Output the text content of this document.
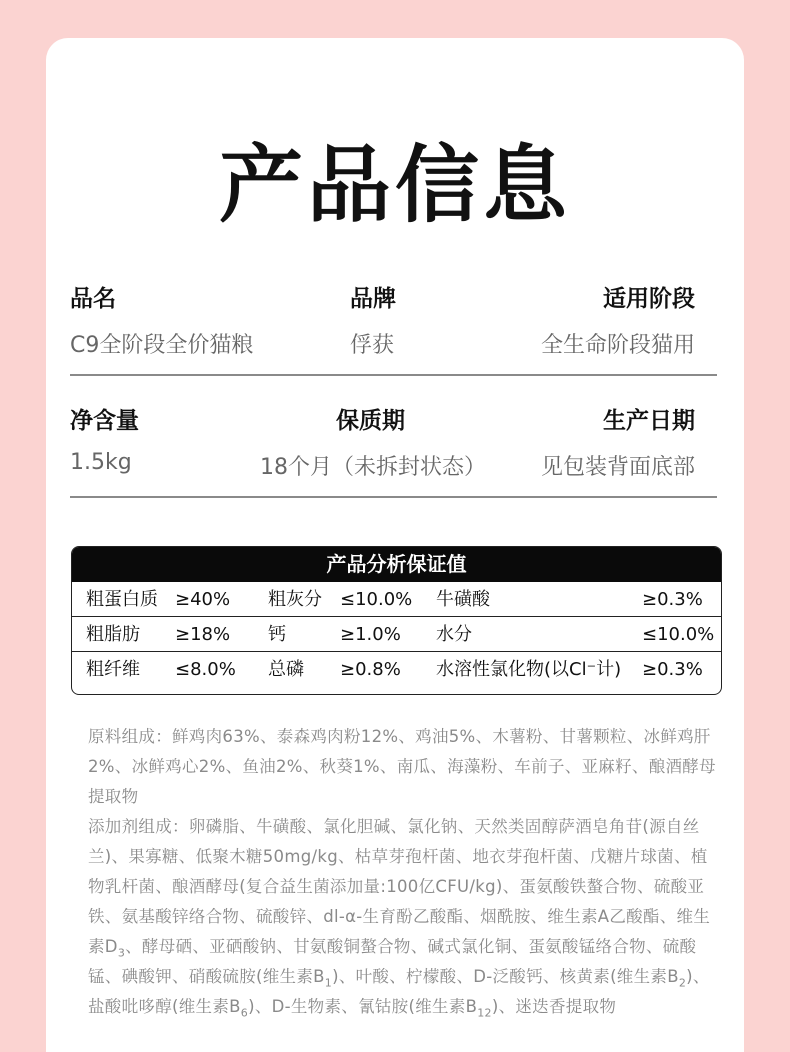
产品信息
品名
C9全阶段全价猫粮
品牌
俘获
适用阶段
全生命阶段猫用
净含量
1.5kg
保质期
18个月（未拆封状态）
生产日期
见包装背面底部
产品分析保证值
粗蛋白质 ≥40% 粗灰分 ≤10.0% 牛磺酸	≥0.3%
粗脂肪 ≥18% 钙	≥1.0% 水分	≤10.0%
粗纤维 ≤8.0% 总磷 ≥0.8% 水溶性氯化物(以Cl⁻计) ≥0.3%

原料组成：鲜鸡肉63%、泰森鸡肉粉12%、鸡油5%、木薯粉、甘薯颗粒、冰鲜鸡肝2%、冰鲜鸡心2%、鱼油2%、秋葵1%、南瓜、海藻粉、车前子、亚麻籽、酿酒酵母提取物

添加剂组成：卵磷脂、牛磺酸、氯化胆碱、氯化钠、天然类固醇萨酒皂角苷(源自丝兰)、果寡糖、低聚木糖50mg/kg、枯草芽孢杆菌、地衣芽孢杆菌、戊糖片球菌、植物乳杆菌、酿酒酵母(复合益生菌添加量:100亿CFU/kg)、蛋氨酸铁螯合物、硫酸亚铁、氨基酸锌络合物、硫酸锌、dl-α-生育酚乙酸酯、烟酰胺、维生素A乙酸酯、维生素$D_3$、酵母硒、亚硒酸钠、甘氨酸铜螯合物、碱式氯化铜、蛋氨酸锰络合物、硫酸锰、碘酸钾、硝酸硫胺(维生素$B_1$)、叶酸、柠檬酸、D-泛酸钙、核黄素(维生素$B_2$)、盐酸吡哆醇(维生素$B_6$)、D-生物素、氰钴胺(维生素$B_{12}$)、迷迭香提取物
